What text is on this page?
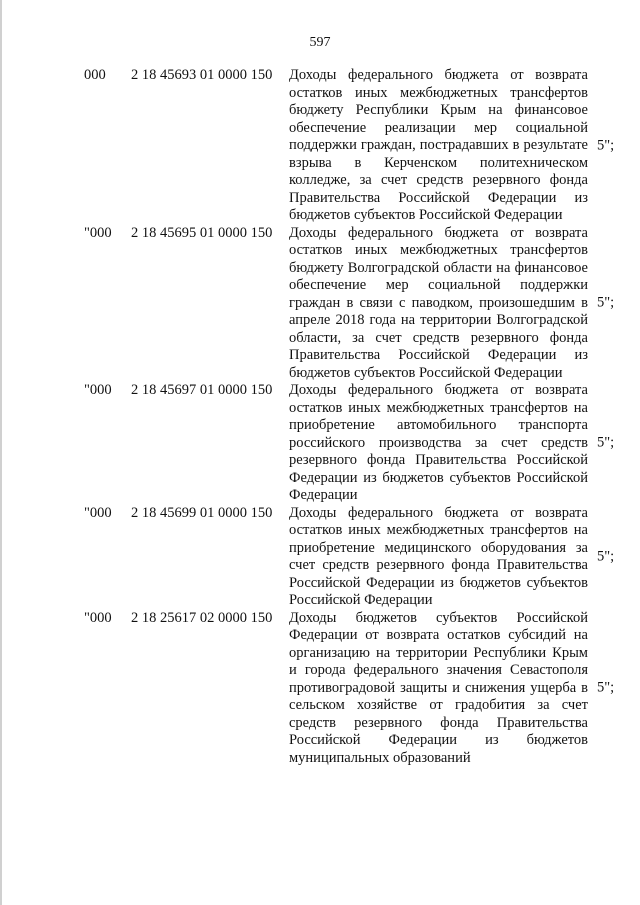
597
000 2 18 45693 01 0000 150 Доходы федерального бюджета от возврата остатков иных межбюджетных трансфертов бюджету Республики Крым на финансовое обеспечение реализации мер социальной поддержки граждан, пострадавших в результате взрыва в Керченском политехническом колледже, за счет средств резервного фонда Правительства Российской Федерации из бюджетов субъектов Российской Федерации
5";
"000 2 18 45695 01 0000 150 Доходы федерального бюджета от возврата остатков иных межбюджетных трансфертов бюджету Волгоградской области на финансовое обеспечение мер социальной поддержки граждан в связи с паводком, произошедшим в апреле 2018 года на территории Волгоградской области, за счет средств резервного фонда Правительства Российской Федерации из бюджетов субъектов Российской Федерации
5";
"000 2 18 45697 01 0000 150 Доходы федерального бюджета от возврата остатков иных межбюджетных трансфертов на приобретение автомобильного транспорта российского производства за счет средств резервного фонда Правительства Российской Федерации из бюджетов субъектов Российской Федерации
5";
"000 2 18 45699 01 0000 150 Доходы федерального бюджета от возврата остатков иных межбюджетных трансфертов на приобретение медицинского оборудования за счет средств резервного фонда Правительства Российской Федерации из бюджетов субъектов Российской Федерации
5";
"000 2 18 25617 02 0000 150 Доходы бюджетов субъектов Российской Федерации от возврата остатков субсидий на организацию на территории Республики Крым и города федерального значения Севастополя противоградовой защиты и снижения ущерба в сельском хозяйстве от градобития за счет средств резервного фонда Правительства Российской Федерации из бюджетов муниципальных образований
5";
